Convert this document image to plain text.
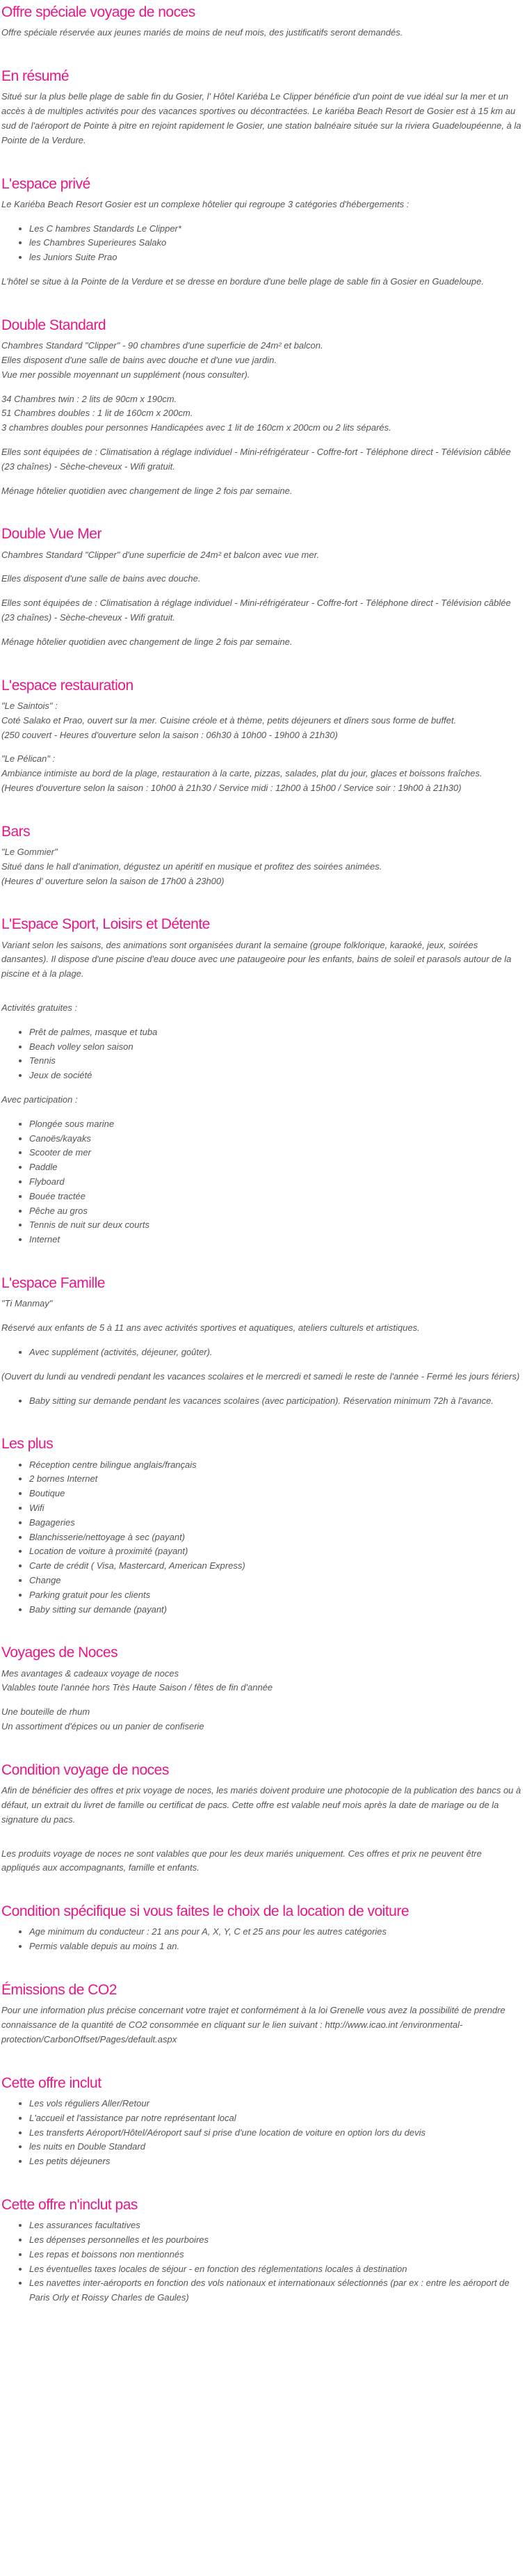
Offre spéciale voyage de noces

Offre spéciale réservée aux jeunes mariés de moins de neuf mois, des justificatifs seront demandés.

En résumé

Situé sur la plus belle plage de sable fin du Gosier, l' Hôtel Kariéba Le Clipper bénéficie d'un point de vue idéal sur la mer et un accès à de multiples activités pour des vacances sportives ou décontractées. Le kariéba Beach Resort de Gosier est à 15 km au sud de l'aéroport de Pointe à pitre en rejoint rapidement le Gosier, une station balnéaire située sur la riviera Guadeloupéenne, à la Pointe de la Verdure.

L'espace privé

Le Kariéba Beach Resort Gosier est un complexe hôtelier qui regroupe 3 catégories d'hébergements :

• Les C hambres Standards Le Clipper*
• les Chambres Superieures Salako
• les Juniors Suite Prao

L'hôtel se situe à la Pointe de la Verdure et se dresse en bordure d'une belle plage de sable fin à Gosier en Guadeloupe.

Double Standard

Chambres Standard "Clipper" - 90 chambres d'une superficie de 24m² et balcon.
Elles disposent d'une salle de bains avec douche et d'une vue jardin.
Vue mer possible moyennant un supplément (nous consulter).

34 Chambres twin : 2 lits de 90cm x 190cm.
51 Chambres doubles : 1 lit de 160cm x 200cm.
3 chambres doubles pour personnes Handicapées avec 1 lit de 160cm x 200cm ou 2 lits séparés.

Elles sont équipées de : Climatisation à réglage individuel - Mini-réfrigérateur - Coffre-fort - Téléphone direct - Télévision câblée (23 chaînes) - Sèche-cheveux - Wifi gratuit.

Ménage hôtelier quotidien avec changement de linge 2 fois par semaine.

Double Vue Mer

Chambres Standard "Clipper" d'une superficie de 24m² et balcon avec vue mer.

Elles disposent d'une salle de bains avec douche.

Elles sont équipées de : Climatisation à réglage individuel - Mini-réfrigérateur - Coffre-fort - Téléphone direct - Télévision câblée (23 chaînes) - Sèche-cheveux - Wifi gratuit.

Ménage hôtelier quotidien avec changement de linge 2 fois par semaine.

L'espace restauration

"Le Saintois" :
Coté Salako et Prao, ouvert sur la mer. Cuisine créole et à thème, petits déjeuners et dîners sous forme de buffet.
(250 couvert - Heures d'ouverture selon la saison : 06h30 à 10h00 - 19h00 à 21h30)

"Le Pélican" :
Ambiance intimiste au bord de la plage, restauration à la carte, pizzas, salades, plat du jour, glaces et boissons fraîches.
(Heures d'ouverture selon la saison : 10h00 à 21h30 / Service midi : 12h00 à 15h00 / Service soir : 19h00 à 21h30)

Bars

"Le Gommier"
Situé dans le hall d'animation, dégustez un apéritif en musique et profitez des soirées animées.
(Heures d' ouverture selon la saison de 17h00 à 23h00)

L'Espace Sport, Loisirs et Détente

Variant selon les saisons, des animations sont organisées durant la semaine (groupe folklorique, karaoké, jeux, soirées dansantes). Il dispose d'une piscine d'eau douce avec une pataugeoire pour les enfants, bains de soleil et parasols autour de la piscine et à la plage.

Activités gratuites :

• Prêt de palmes, masque et tuba
• Beach volley selon saison
• Tennis
• Jeux de société

Avec participation :

• Plongée sous marine
• Canoës/kayaks
• Scooter de mer
• Paddle
• Flyboard
• Bouée tractée
• Pêche au gros
• Tennis de nuit sur deux courts
• Internet
L'espace Famille

"Ti Manmay"

Réservé aux enfants de 5 à 11 ans avec activités sportives et aquatiques, ateliers culturels et artistiques.

• Avec supplément (activités, déjeuner, goûter).

(Ouvert du lundi au vendredi pendant les vacances scolaires et le mercredi et samedi le reste de l'année - Fermé les jours fériers)

• Baby sitting sur demande pendant les vacances scolaires (avec participation). Réservation minimum 72h à l'avance.
Les plus
• Réception centre bilingue anglais/français
• 2 bornes Internet
• Boutique
• Wifi
• Bagageries
• Blanchisserie/nettoyage à sec (payant)
• Location de voiture à proximité (payant)
• Carte de crédit ( Visa, Mastercard, American Express)
• Change
• Parking gratuit pour les clients
• Baby sitting sur demande (payant)
Voyages de Noces

Mes avantages & cadeaux voyage de noces
Valables toute l'année hors Très Haute Saison / fêtes de fin d'année

Une bouteille de rhum
Un assortiment d'épices ou un panier de confiserie

Condition voyage de noces

Afin de bénéficier des offres et prix voyage de noces, les mariés doivent produire une photocopie de la publication des bancs ou à défaut, un extrait du livret de famille ou certificat de pacs. Cette offre est valable neuf mois après la date de mariage ou de la signature du pacs.

Les produits voyage de noces ne sont valables que pour les deux mariés uniquement. Ces offres et prix ne peuvent être appliqués aux accompagnants, famille et enfants.

Condition spécifique si vous faites le choix de la location de voiture
• Age minimum du conducteur : 21 ans pour A, X, Y, C et 25 ans pour les autres catégories
• Permis valable depuis au moins 1 an.
Émissions de CO2

Pour une information plus précise concernant votre trajet et conformément à la loi Grenelle vous avez la possibilité de prendre connaissance de la quantité de CO2 consommée en cliquant sur le lien suivant : http://www.icao.int /environmental-protection/CarbonOffset/Pages/default.aspx

Cette offre inclut
• Les vols réguliers Aller/Retour
• L'accueil et l'assistance par notre représentant local
• Les transferts Aéroport/Hôtel/Aéroport sauf si prise d'une location de voiture en option lors du devis
• les nuits en Double Standard
• Les petits déjeuners
Cette offre n'inclut pas
• Les assurances facultatives
• Les dépenses personnelles et les pourboires
• Les repas et boissons non mentionnés
• Les éventuelles taxes locales de séjour - en fonction des réglementations locales à destination
• Les navettes inter-aéroports en fonction des vols nationaux et internationaux sélectionnés (par ex : entre les aéroport de Paris Orly et Roissy Charles de Gaules)
